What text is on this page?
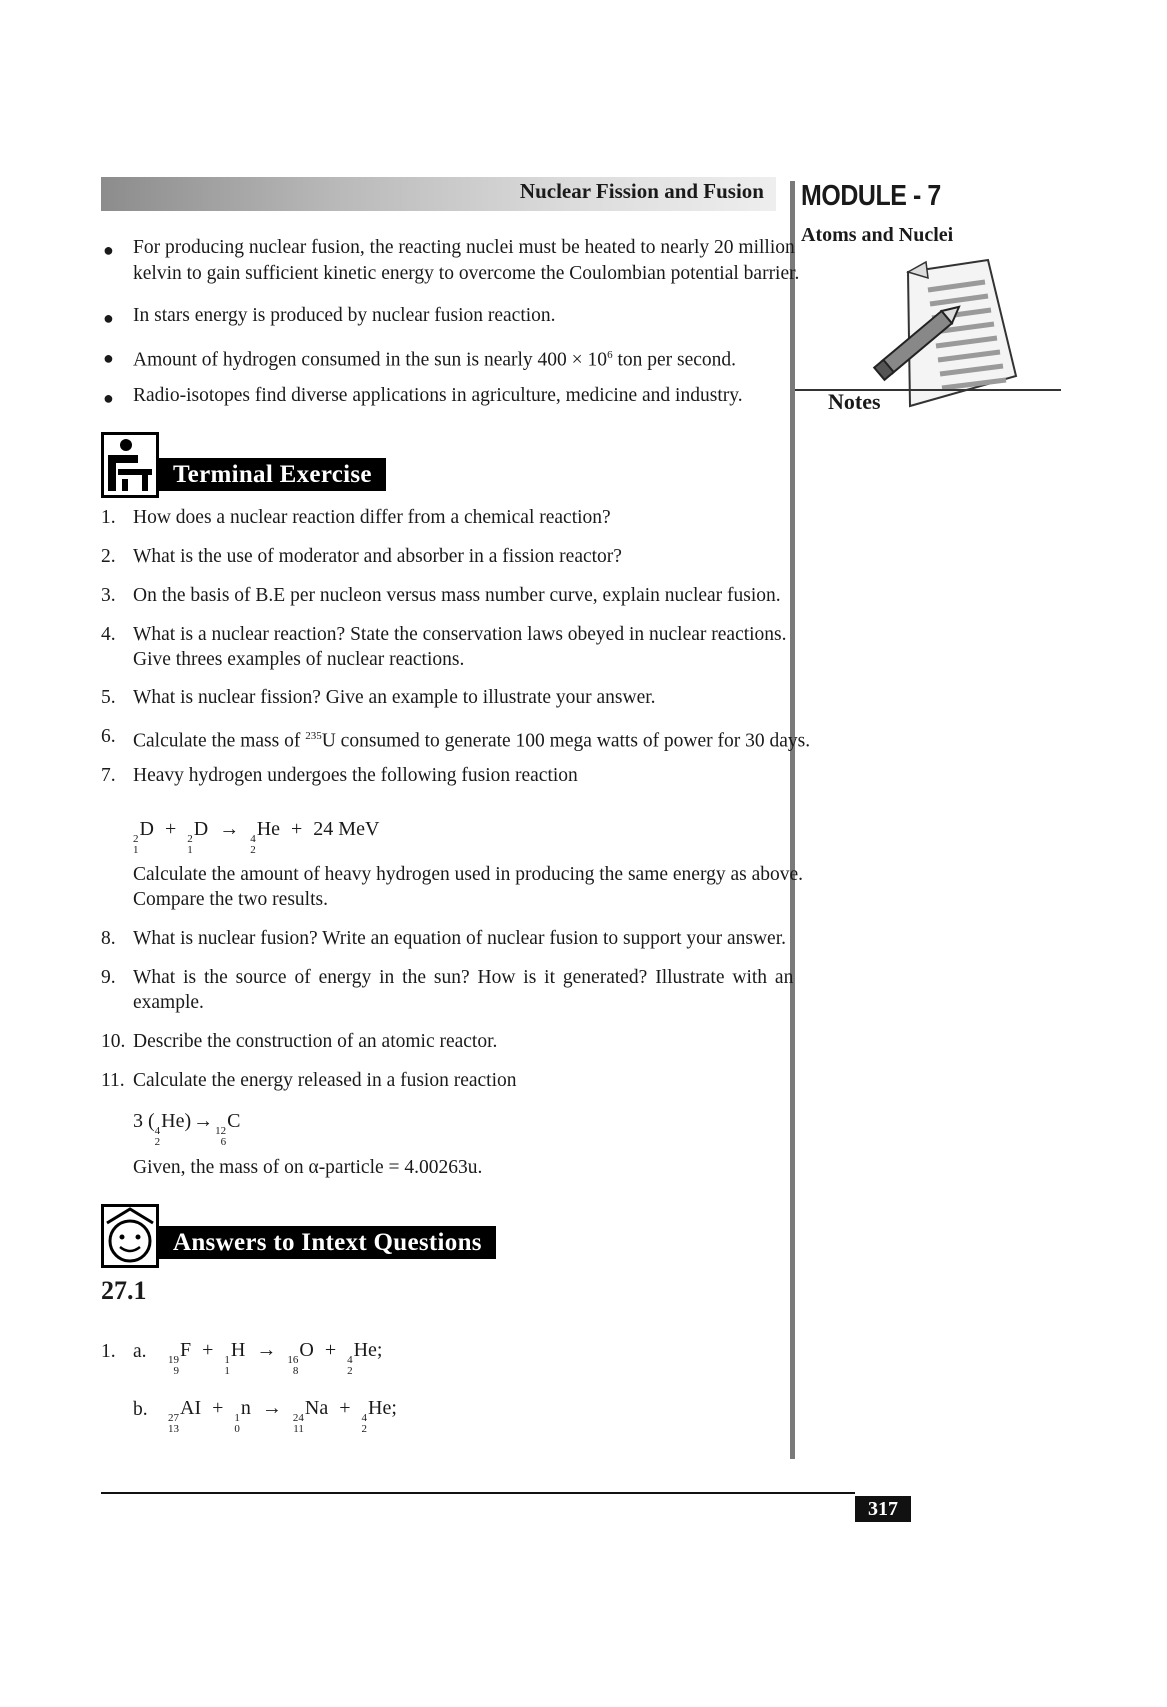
Nuclear Fission and Fusion MODULE - 7
Atoms and Nuclei
Notes
● For producing nuclear fusion, the reacting nuclei must be heated to nearly 20 million
kelvin to gain sufficient kinetic energy to overcome the Coulombian potential barrier.
● In stars energy is produced by nuclear fusion reaction.
● Amount of hydrogen consumed in the sun is nearly $400 \times 10^6$ ton per second.
● Radio-isotopes find diverse applications in agriculture, medicine and industry.
Terminal Exercise
1. How does a nuclear reaction differ from a chemical reaction?
2. What is the use of moderator and absorber in a fission reactor?
3. On the basis of B.E per nucleon versus mass number curve, explain nuclear fusion.
4. What is a nuclear reaction? State the conservation laws obeyed in nuclear reactions.
Give threes examples of nuclear reactions.
5. What is nuclear fission? Give an example to illustrate your answer.
6. Calculate the mass of $^{235}$U consumed to generate 100 mega watts of power for 30 days.
7. Heavy hydrogen undergoes the following fusion reaction
2
1
D + 2
1
D → 4
2
He + 24 MeV
Calculate the amount of heavy hydrogen used in producing the same energy as above.
Compare the two results.
8. What is nuclear fusion? Write an equation of nuclear fusion to support your answer.
9. What is the source of energy in the sun? How is it generated? Illustrate with an
example.
10. Describe the construction of an atomic reactor.
11. Calculate the energy released in a fusion reaction
3 ( 4
2
He) → 12
6
C
Given, the mass of on α-particle = 4.00263u.
Answers to Intext Questions
27.1
1. a. 19
9
F + 1
1
H → 16
8
O + 4
2
He;
b. 27
13
AI + 1
0
n → 24
11
Na + 4
2
He;
317
